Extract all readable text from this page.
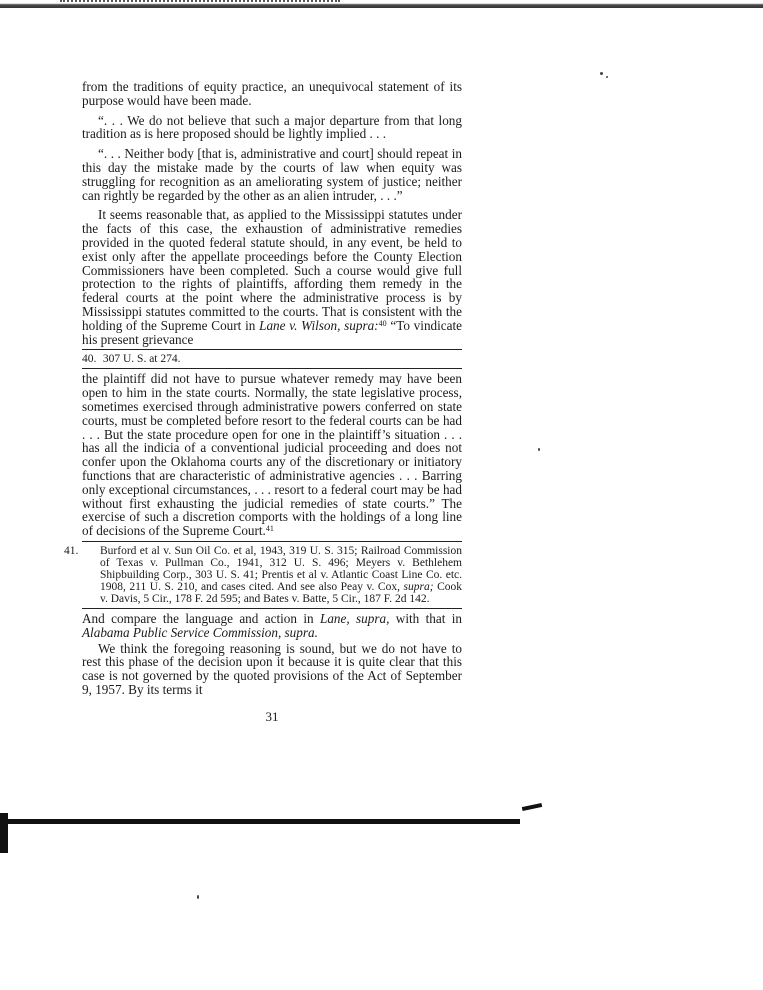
from the traditions of equity practice, an unequivocal statement of its purpose would have been made.

“. . . We do not believe that such a major departure from that long tradition as is here proposed should be lightly implied . . .

“. . . Neither body [that is, administrative and court] should repeat in this day the mistake made by the courts of law when equity was struggling for recognition as an ameliorating system of justice; neither can rightly be regarded by the other as an alien intruder, . . .”

It seems reasonable that, as applied to the Mississippi statutes under the facts of this case, the exhaustion of administrative remedies provided in the quoted federal statute should, in any event, be held to exist only after the appellate proceedings before the County Election Commissioners have been completed. Such a course would give full protection to the rights of plaintiffs, affording them remedy in the federal courts at the point where the administrative process is by Mississippi statutes committed to the courts. That is consistent with the holding of the Supreme Court in Lane v. Wilson, supra:$^{40}$ “To vindicate his present grievance

40. 307 U. S. at 274.

the plaintiff did not have to pursue whatever remedy may have been open to him in the state courts. Normally, the state legislative process, sometimes exercised through administrative powers conferred on state courts, must be completed before resort to the federal courts can be had . . . But the state procedure open for one in the plaintiff’s situation . . . has all the indicia of a conventional judicial proceeding and does not confer upon the Oklahoma courts any of the discretionary or initiatory functions that are characteristic of administrative agencies . . . Barring only exceptional circumstances, . . . resort to a federal court may be had without first exhausting the judicial remedies of state courts.” The exercise of such a discretion comports with the holdings of a long line of decisions of the Supreme Court.$^{41}$

41. Burford et al v. Sun Oil Co. et al, 1943, 319 U. S. 315; Railroad Commission of Texas v. Pullman Co., 1941, 312 U. S. 496; Meyers v. Bethlehem Shipbuilding Corp., 303 U. S. 41; Prentis et al v. Atlantic Coast Line Co. etc. 1908, 211 U. S. 210, and cases cited. And see also Peay v. Cox, supra; Cook v. Davis, 5 Cir., 178 F. 2d 595; and Bates v. Batte, 5 Cir., 187 F. 2d 142.

And compare the language and action in Lane, supra, with that in Alabama Public Service Commission, supra.

We think the foregoing reasoning is sound, but we do not have to rest this phase of the decision upon it because it is quite clear that this case is not governed by the quoted provisions of the Act of September 9, 1957. By its terms it

31
